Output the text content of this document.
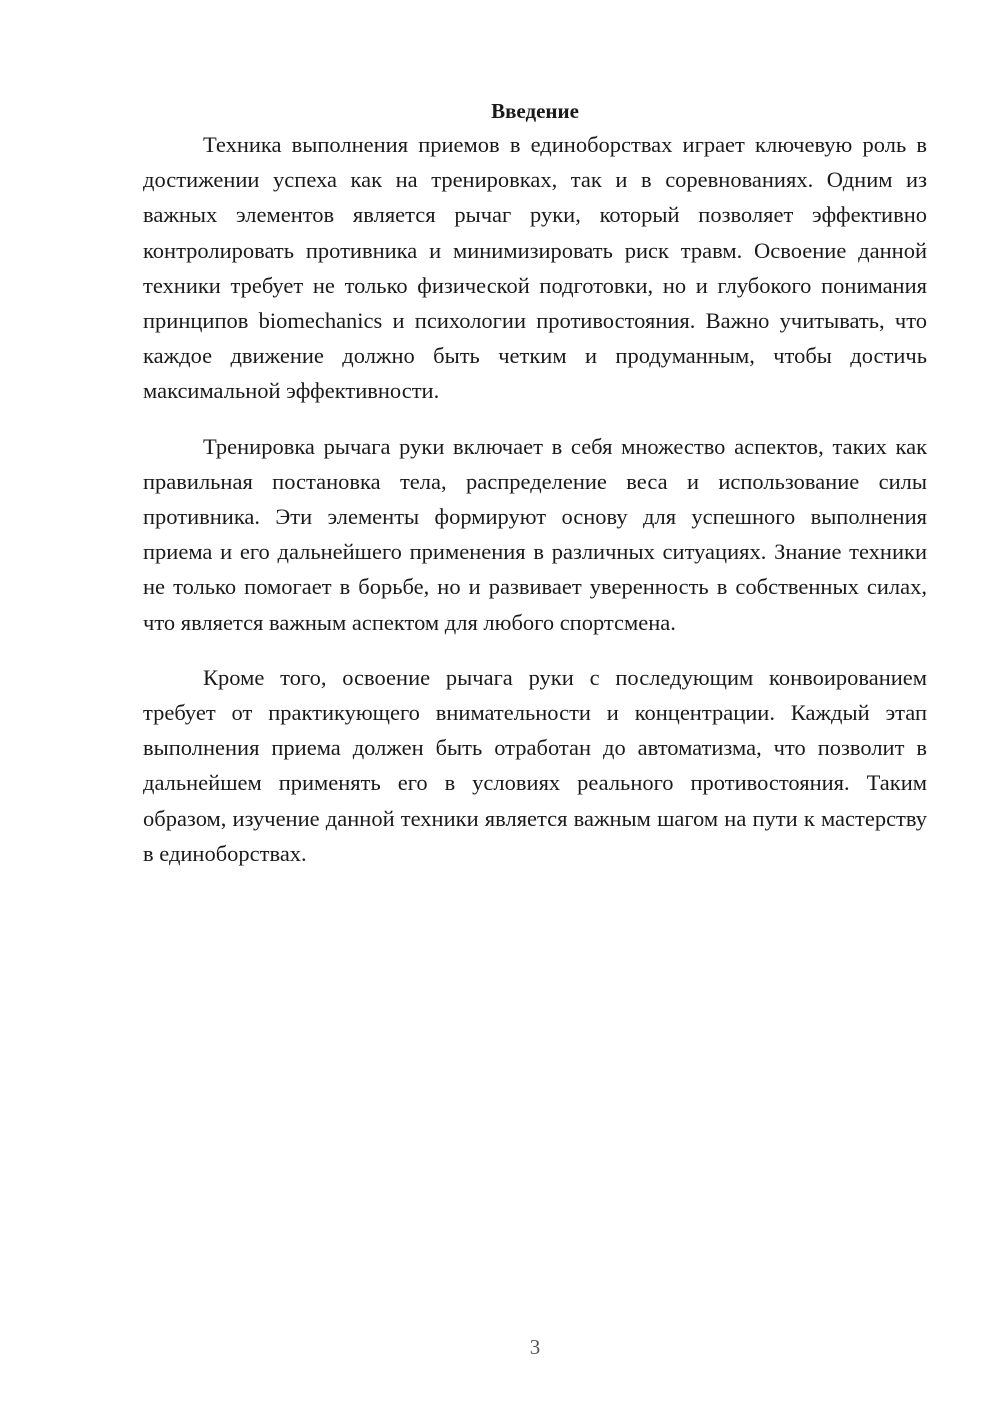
Введение

Техника выполнения приемов в единоборствах играет ключевую роль в достижении успеха как на тренировках, так и в соревнованиях. Одним из важных элементов является рычаг руки, который позволяет эффективно контролировать противника и минимизировать риск травм. Освоение данной техники требует не только физической подготовки, но и глубокого понимания принципов biomechanics и психологии противостояния. Важно учитывать, что каждое движение должно быть четким и продуманным, чтобы достичь максимальной эффективности.

Тренировка рычага руки включает в себя множество аспектов, таких как правильная постановка тела, распределение веса и использование силы противника. Эти элементы формируют основу для успешного выполнения приема и его дальнейшего применения в различных ситуациях. Знание техники не только помогает в борьбе, но и развивает уверенность в собственных силах, что является важным аспектом для любого спортсмена.

Кроме того, освоение рычага руки с последующим конвоированием требует от практикующего внимательности и концентрации. Каждый этап выполнения приема должен быть отработан до автоматизма, что позволит в дальнейшем применять его в условиях реального противостояния. Таким образом, изучение данной техники является важным шагом на пути к мастерству в единоборствах.

3
